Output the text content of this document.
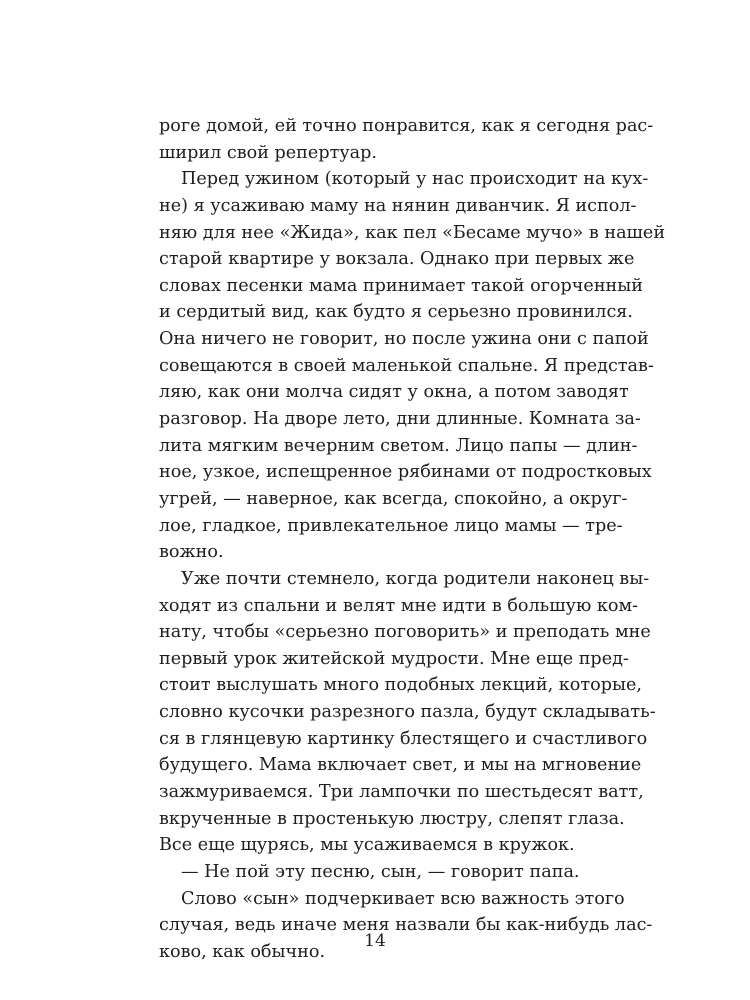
роге домой, ей точно понравится, как я сегодня рас-
ширил свой репертуар.
Перед ужином (который у нас происходит на кух-
не) я усаживаю маму на нянин диванчик. Я испол-
няю для нее «Жида», как пел «Бесаме мучо» в нашей
старой квартире у вокзала. Однако при первых же
словах песенки мама принимает такой огорченный
и сердитый вид, как будто я серьезно провинился.
Она ничего не говорит, но после ужина они с папой
совещаются в своей маленькой спальне. Я представ-
ляю, как они молча сидят у окна, а потом заводят
разговор. На дворе лето, дни длинные. Комната за-
лита мягким вечерним светом. Лицо папы — длин-
ное, узкое, испещренное рябинами от подростковых
угрей, — наверное, как всегда, спокойно, а округ-
лое, гладкое, привлекательное лицо мамы — тре-
вожно.
Уже почти стемнело, когда родители наконец вы-
ходят из спальни и велят мне идти в большую ком-
нату, чтобы «серьезно поговорить» и преподать мне
первый урок житейской мудрости. Мне еще пред-
стоит выслушать много подобных лекций, которые,
словно кусочки разрезного пазла, будут складывать-
ся в глянцевую картинку блестящего и счастливого
будущего. Мама включает свет, и мы на мгновение
зажмуриваемся. Три лампочки по шестьдесят ватт,
вкрученные в простенькую люстру, слепят глаза.
Все еще щурясь, мы усаживаемся в кружок.
— Не пой эту песню, сын, — говорит папа.
Слово «сын» подчеркивает всю важность этого
случая, ведь иначе меня назвали бы как-нибудь лас-
ково, как обычно.
14
